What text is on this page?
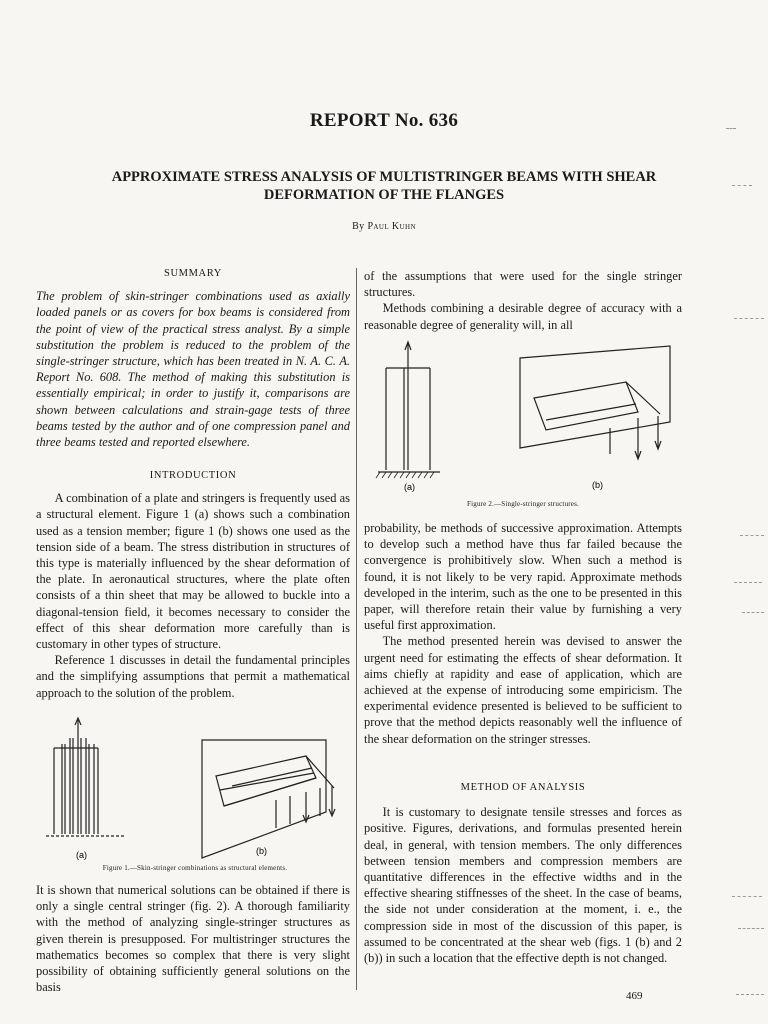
REPORT No. 636
APPROXIMATE STRESS ANALYSIS OF MULTISTRINGER BEAMS WITH SHEAR
DEFORMATION OF THE FLANGES
By Paul Kuhn
SUMMARY

The problem of skin-stringer combinations used as axially loaded panels or as covers for box beams is considered from the point of view of the practical stress analyst. By a simple substitution the problem is reduced to the problem of the single-stringer structure, which has been treated in N. A. C. A. Report No. 608. The method of making this substitution is essentially empirical; in order to justify it, comparisons are shown between calculations and strain-gage tests of three beams tested by the author and of one compression panel and three beams tested and reported elsewhere.

INTRODUCTION

A combination of a plate and stringers is frequently used as a structural element. Figure 1 (a) shows such a combination used as a tension member; figure 1 (b) shows one used as the tension side of a beam. The stress distribution in structures of this type is materially influenced by the shear deformation of the plate. In aeronautical structures, where the plate often consists of a thin sheet that may be allowed to buckle into a diagonal-tension field, it becomes necessary to consider the effect of this shear deformation more carefully than is customary in other types of structure.

Reference 1 discusses in detail the fundamental principles and the simplifying assumptions that permit a mathematical approach to the solution of the problem.

(a)	(b)
Figure 1.—Skin-stringer combinations as structural elements.

It is shown that numerical solutions can be obtained if there is only a single central stringer (fig. 2). A thorough familiarity with the method of analyzing single-stringer structures as given therein is presupposed. For multistringer structures the mathematics becomes so complex that there is very slight possibility of obtaining sufficiently general solutions on the basis

of the assumptions that were used for the single stringer structures.

Methods combining a desirable degree of accuracy with a reasonable degree of generality will, in all

(a)	(b)
Figure 2.—Single-stringer structures.

probability, be methods of successive approximation. Attempts to develop such a method have thus far failed because the convergence is prohibitively slow. When such a method is found, it is not likely to be very rapid. Approximate methods developed in the interim, such as the one to be presented in this paper, will therefore retain their value by furnishing a very useful first approximation.

The method presented herein was devised to answer the urgent need for estimating the effects of shear deformation. It aims chiefly at rapidity and ease of application, which are achieved at the expense of introducing some empiricism. The experimental evidence presented is believed to be sufficient to prove that the method depicts reasonably well the influence of the shear deformation on the stringer stresses.

METHOD OF ANALYSIS

It is customary to designate tensile stresses and forces as positive. Figures, derivations, and formulas presented herein deal, in general, with tension members. The only differences between tension members and compression members are quantitative differences in the effective widths and in the effective shearing stiffnesses of the sheet. In the case of beams, the side not under consideration at the moment, i. e., the compression side in most of the discussion of this paper, is assumed to be concentrated at the shear web (figs. 1 (b) and 2 (b)) in such a location that the effective depth is not changed.

469
